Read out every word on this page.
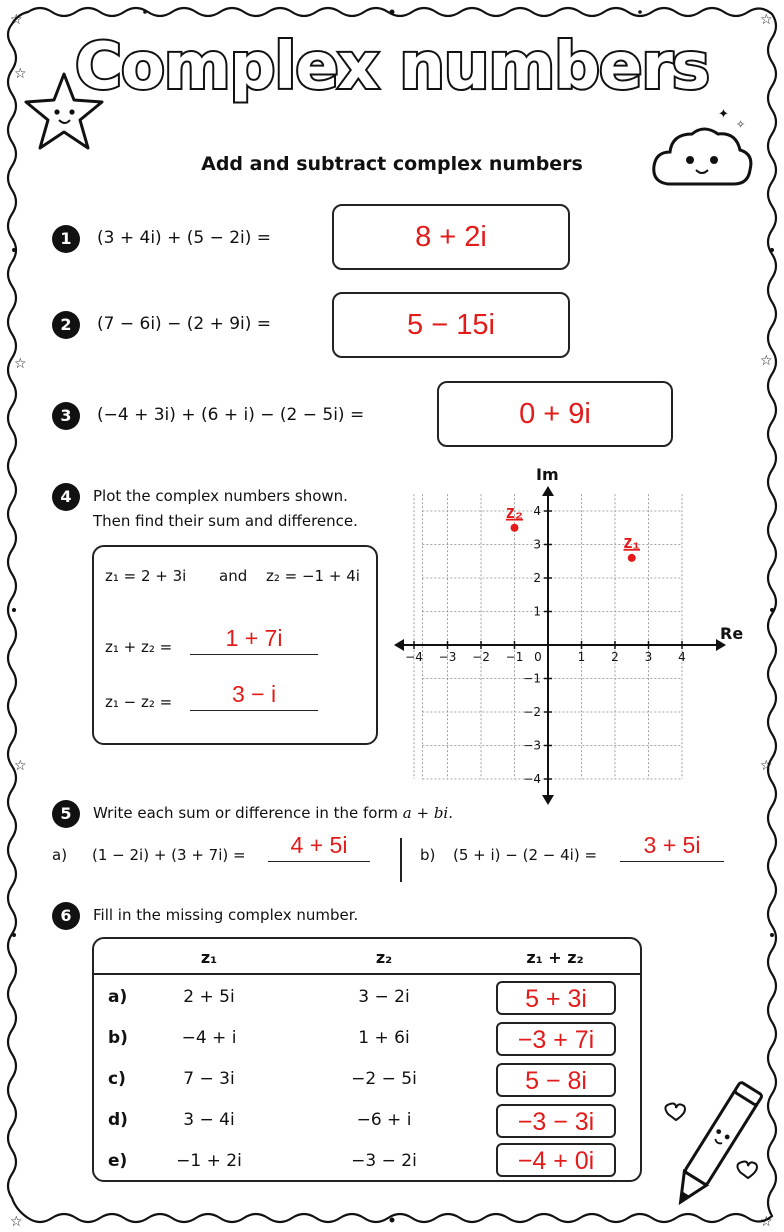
☆	☆
☆	☆
☆
☆	☆
☆
☆
✦
✧
Complex numbers
Add and subtract complex numbers
1	(3 + 4i) + (5 − 2i) =	8 + 2i
2	(7 − 6i) − (2 + 9i) =	5 − 15i
3	(−4 + 3i) + (6 + i) − (2 − 5i) =	0 + 9i
4	Plot the complex numbers shown.
Then find their sum and difference.
z₁ = 2 + 3i and z₂ = −1 + 4i
z₁ + z₂ =	1 + 7i
z₁ − z₂ =	3 − i
Re
Im
−4 −3 −2 −1 0	1 2 3 4
4
3
2
1
−1
−2
−3
−4
z₂
z₁
5	Write each sum or difference in the form a + bi.
a) (1 − 2i) + (3 + 7i) =	4 + 5i	b) (5 + i) − (2 − 4i) =	3 + 5i
6	Fill in the missing complex number.
z₁	z₂	z₁ + z₂
a)	2 + 5i	3 − 2i	5 + 3i
b)	−4 + i	1 + 6i	−3 + 7i
c)	7 − 3i	−2 − 5i	5 − 8i
d)	3 − 4i	−6 + i	−3 − 3i
e)	−1 + 2i	−3 − 2i	−4 + 0i
